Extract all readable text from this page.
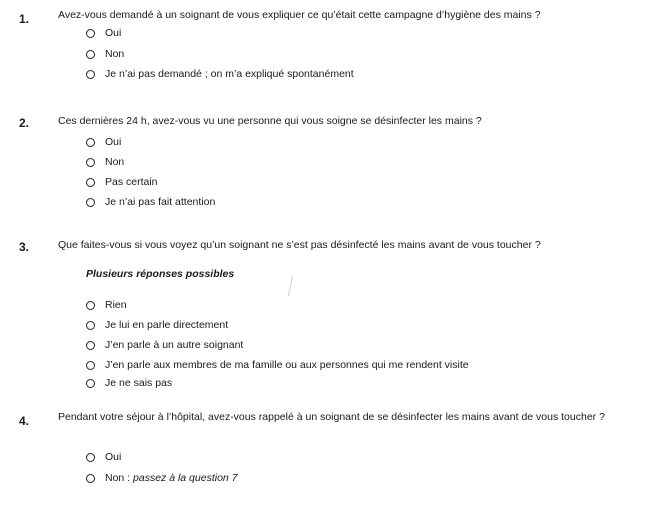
1.	Avez-vous demandé à un soignant de vous expliquer ce qu’était cette campagne d’hygiène des mains ?
Oui
Non
Je n’ai pas demandé ; on m’a expliqué spontanément
2.	Ces dernières 24 h, avez-vous vu une personne qui vous soigne se désinfecter les mains ?
Oui
Non
Pas certain
Je n’ai pas fait attention
3.	Que faites-vous si vous voyez qu’un soignant ne s’est pas désinfecté les mains avant de vous toucher ?
Plusieurs réponses possibles
Rien
Je lui en parle directement
J’en parle à un autre soignant
J’en parle aux membres de ma famille ou aux personnes qui me rendent visite
Je ne sais pas
4.	Pendant votre séjour à l’hôpital, avez-vous rappelé à un soignant de se désinfecter les mains avant de vous toucher ?
Oui
Non : passez à la question 7
